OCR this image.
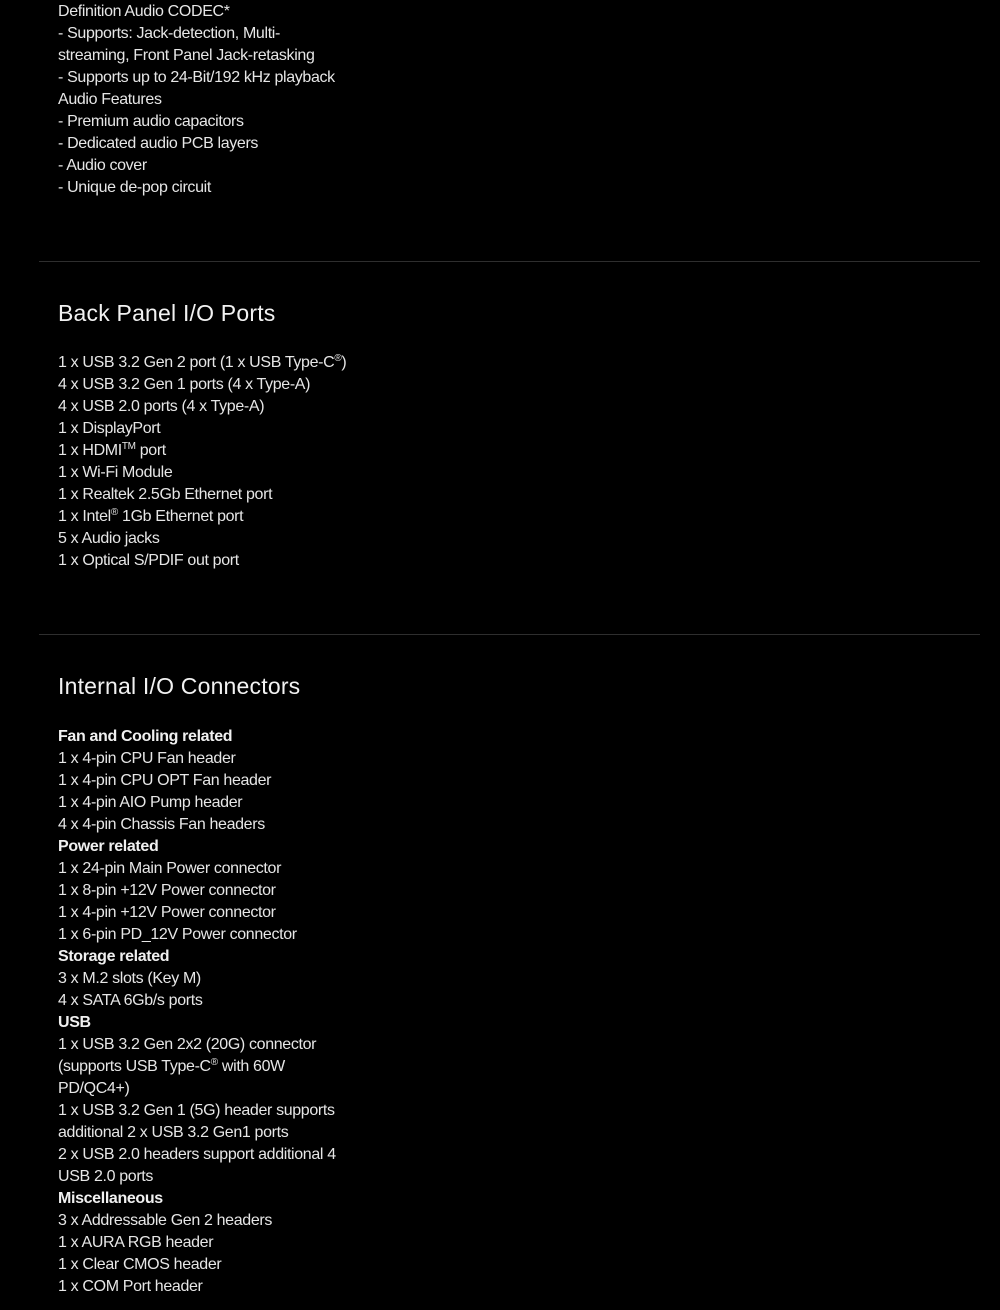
Definition Audio CODEC*
- Supports: Jack-detection, Multi-streaming, Front Panel Jack-retasking
- Supports up to 24-Bit/192 kHz playback
Audio Features
- Premium audio capacitors
- Dedicated audio PCB layers
- Audio cover
- Unique de-pop circuit
Back Panel I/O Ports
1 x USB 3.2 Gen 2 port (1 x USB Type-C®)
4 x USB 3.2 Gen 1 ports (4 x Type-A)
4 x USB 2.0 ports (4 x Type-A)
1 x DisplayPort
1 x HDMI™ port
1 x Wi-Fi Module
1 x Realtek 2.5Gb Ethernet port
1 x Intel® 1Gb Ethernet port
5 x Audio jacks
1 x Optical S/PDIF out port
Internal I/O Connectors
Fan and Cooling related
1 x 4-pin CPU Fan header
1 x 4-pin CPU OPT Fan header
1 x 4-pin AIO Pump header
4 x 4-pin Chassis Fan headers
Power related
1 x 24-pin Main Power connector
1 x 8-pin +12V Power connector
1 x 4-pin +12V Power connector
1 x 6-pin PD_12V Power connector
Storage related
3 x M.2 slots (Key M)
4 x SATA 6Gb/s ports
USB
1 x USB 3.2 Gen 2x2 (20G) connector (supports USB Type-C® with 60W PD/QC4+)
1 x USB 3.2 Gen 1 (5G) header supports additional 2 x USB 3.2 Gen1 ports
2 x USB 2.0 headers support additional 4 USB 2.0 ports
Miscellaneous
3 x Addressable Gen 2 headers
1 x AURA RGB header
1 x Clear CMOS header
1 x COM Port header
